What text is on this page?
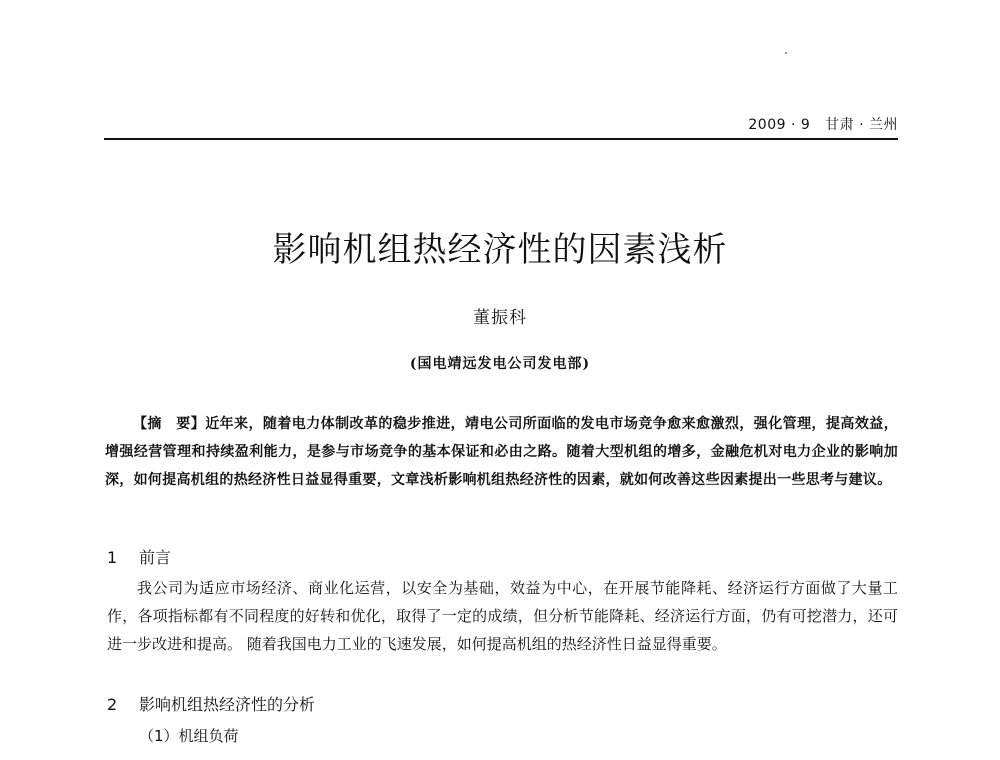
2009 · 9 甘肃 · 兰州
影响机组热经济性的因素浅析
董振科
(国电靖远发电公司发电部)
【摘　要】近年来，随着电力体制改革的稳步推进，靖电公司所面临的发电市场竞争愈来愈激烈，强化管理，提高效益，增强经营管理和持续盈利能力，是参与市场竞争的基本保证和必由之路。随着大型机组的增多，金融危机对电力企业的影响加深，如何提高机组的热经济性日益显得重要，文章浅析影响机组热经济性的因素，就如何改善这些因素提出一些思考与建议。
1 前言
我公司为适应市场经济、商业化运营，以安全为基础，效益为中心，在开展节能降耗、经济运行方面做了大量工作，各项指标都有不同程度的好转和优化，取得了一定的成绩，但分析节能降耗、经济运行方面，仍有可挖潜力，还可进一步改进和提高。 随着我国电力工业的飞速发展，如何提高机组的热经济性日益显得重要。
2 影响机组热经济性的分析
（1）机组负荷
